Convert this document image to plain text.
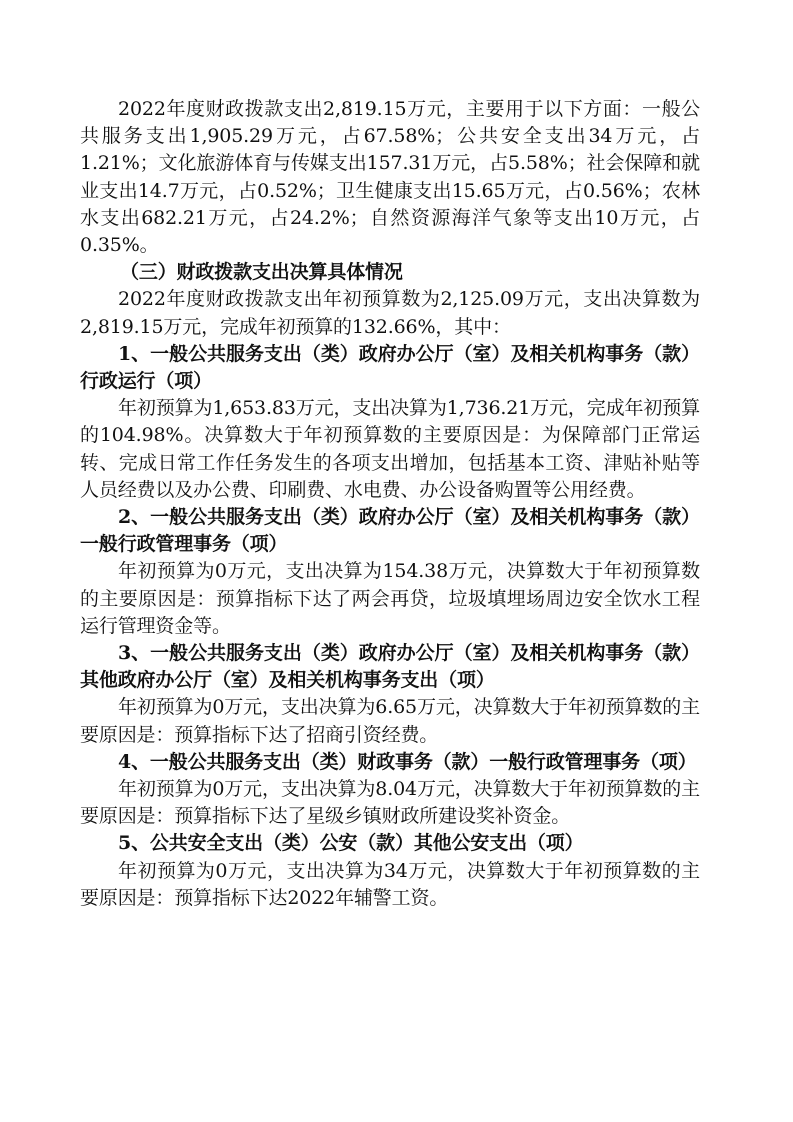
2022年度财政拨款支出2,819.15万元，主要用于以下方面：一般公共服务支出1,905.29万元，占67.58%；公共安全支出34万元，占1.21%；文化旅游体育与传媒支出157.31万元，占5.58%；社会保障和就业支出14.7万元，占0.52%；卫生健康支出15.65万元，占0.56%；农林水支出682.21万元，占24.2%；自然资源海洋气象等支出10万元，占0.35%。

（三）财政拨款支出决算具体情况

2022年度财政拨款支出年初预算数为2,125.09万元，支出决算数为2,819.15万元，完成年初预算的132.66%，其中：

1、一般公共服务支出（类）政府办公厅（室）及相关机构事务（款）行政运行（项）

年初预算为1,653.83万元，支出决算为1,736.21万元，完成年初预算的104.98%。决算数大于年初预算数的主要原因是：为保障部门正常运转、完成日常工作任务发生的各项支出增加，包括基本工资、津贴补贴等人员经费以及办公费、印刷费、水电费、办公设备购置等公用经费。

2、一般公共服务支出（类）政府办公厅（室）及相关机构事务（款）一般行政管理事务（项）

年初预算为0万元，支出决算为154.38万元，决算数大于年初预算数的主要原因是：预算指标下达了两会再贷，垃圾填埋场周边安全饮水工程运行管理资金等。

3、一般公共服务支出（类）政府办公厅（室）及相关机构事务（款）其他政府办公厅（室）及相关机构事务支出（项）

年初预算为0万元，支出决算为6.65万元，决算数大于年初预算数的主要原因是：预算指标下达了招商引资经费。

4、一般公共服务支出（类）财政事务（款）一般行政管理事务（项）

年初预算为0万元，支出决算为8.04万元，决算数大于年初预算数的主要原因是：预算指标下达了星级乡镇财政所建设奖补资金。

5、公共安全支出（类）公安（款）其他公安支出（项）

年初预算为0万元，支出决算为34万元，决算数大于年初预算数的主要原因是：预算指标下达2022年辅警工资。
